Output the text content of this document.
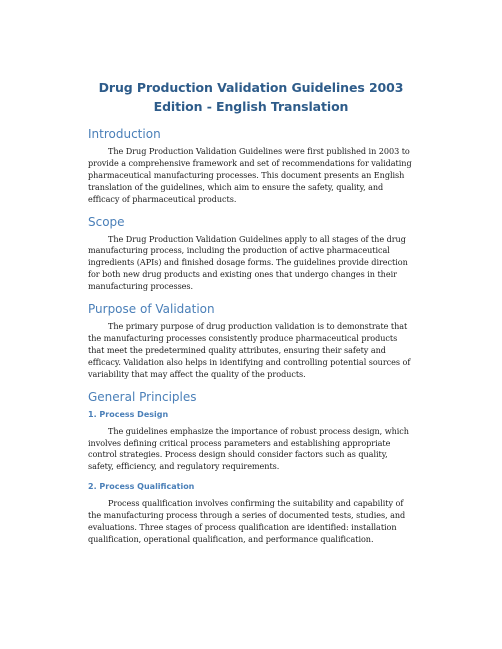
Drug Production Validation Guidelines 2003 Edition - English Translation
Introduction

The Drug Production Validation Guidelines were first published in 2003 to provide a comprehensive framework and set of recommendations for validating pharmaceutical manufacturing processes. This document presents an English translation of the guidelines, which aim to ensure the safety, quality, and efficacy of pharmaceutical products.

Scope

The Drug Production Validation Guidelines apply to all stages of the drug manufacturing process, including the production of active pharmaceutical ingredients (APIs) and finished dosage forms. The guidelines provide direction for both new drug products and existing ones that undergo changes in their manufacturing processes.

Purpose of Validation

The primary purpose of drug production validation is to demonstrate that the manufacturing processes consistently produce pharmaceutical products that meet the predetermined quality attributes, ensuring their safety and efficacy. Validation also helps in identifying and controlling potential sources of variability that may affect the quality of the products.

General Principles
1. Process Design

The guidelines emphasize the importance of robust process design, which involves defining critical process parameters and establishing appropriate control strategies. Process design should consider factors such as quality, safety, efficiency, and regulatory requirements.

2. Process Qualification

Process qualification involves confirming the suitability and capability of the manufacturing process through a series of documented tests, studies, and evaluations. Three stages of process qualification are identified: installation qualification, operational qualification, and performance qualification.
